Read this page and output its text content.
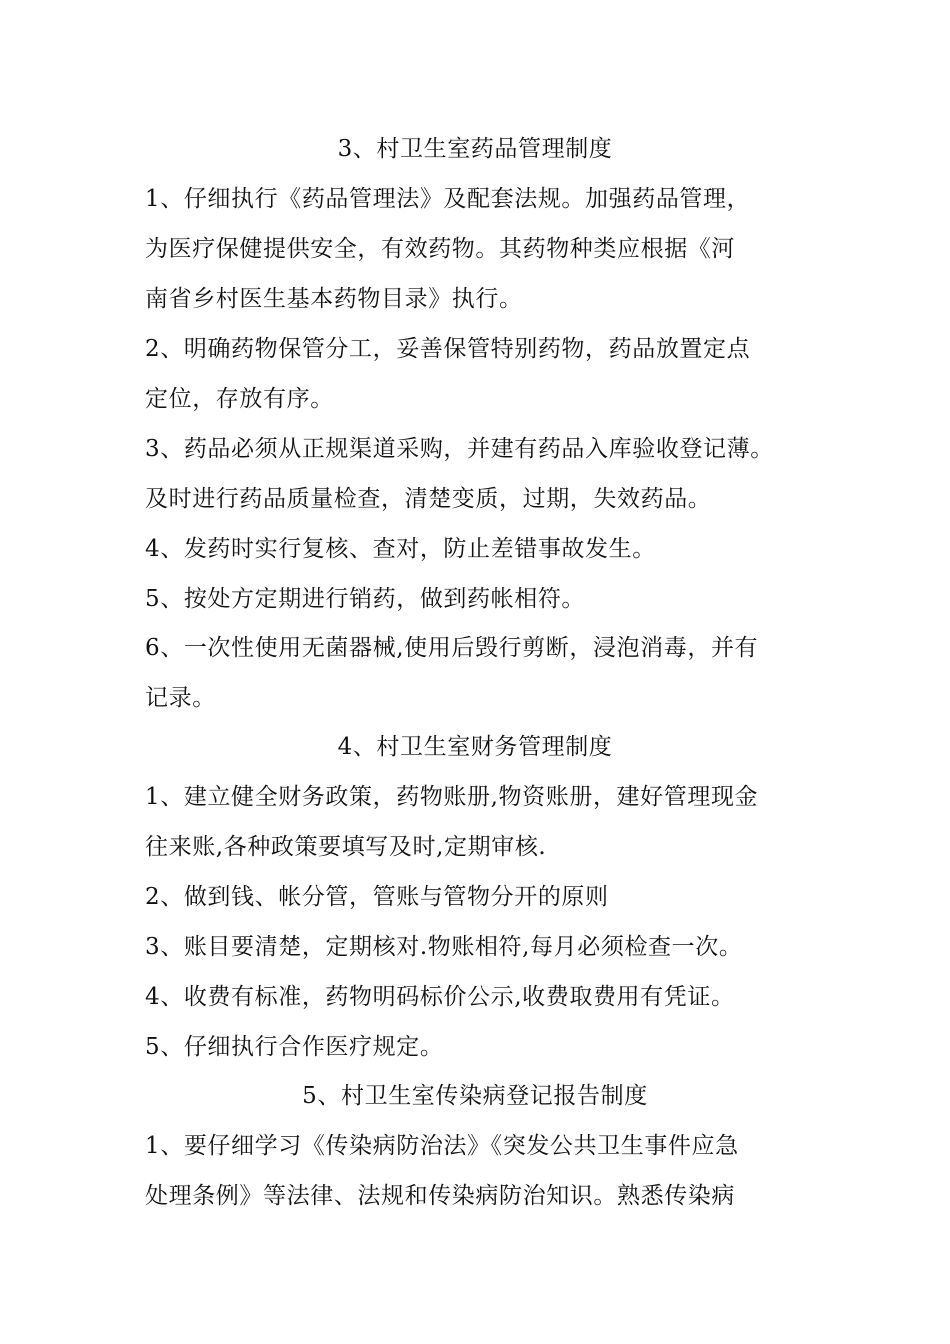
3、村卫生室药品管理制度
1、仔细执行《药品管理法》及配套法规。加强药品管理，
为医疗保健提供安全，有效药物。其药物种类应根据《河
南省乡村医生基本药物目录》执行。
2、明确药物保管分工，妥善保管特别药物，药品放置定点
定位，存放有序。
3、药品必须从正规渠道采购，并建有药品入库验收登记薄。
及时进行药品质量检查，清楚变质，过期，失效药品。
4、发药时实行复核、查对，防止差错事故发生。
5、按处方定期进行销药，做到药帐相符。
6、一次性使用无菌器械,使用后毁行剪断，浸泡消毒，并有
记录。
4、村卫生室财务管理制度
1、建立健全财务政策，药物账册,物资账册，建好管理现金
往来账,各种政策要填写及时,定期审核.
2、做到钱、帐分管，管账与管物分开的原则
3、账目要清楚，定期核对.物账相符,每月必须检查一次。
4、收费有标准，药物明码标价公示,收费取费用有凭证。
5、仔细执行合作医疗规定。
5、村卫生室传染病登记报告制度
1、要仔细学习《传染病防治法》《突发公共卫生事件应急
处理条例》等法律、法规和传染病防治知识。熟悉传染病
